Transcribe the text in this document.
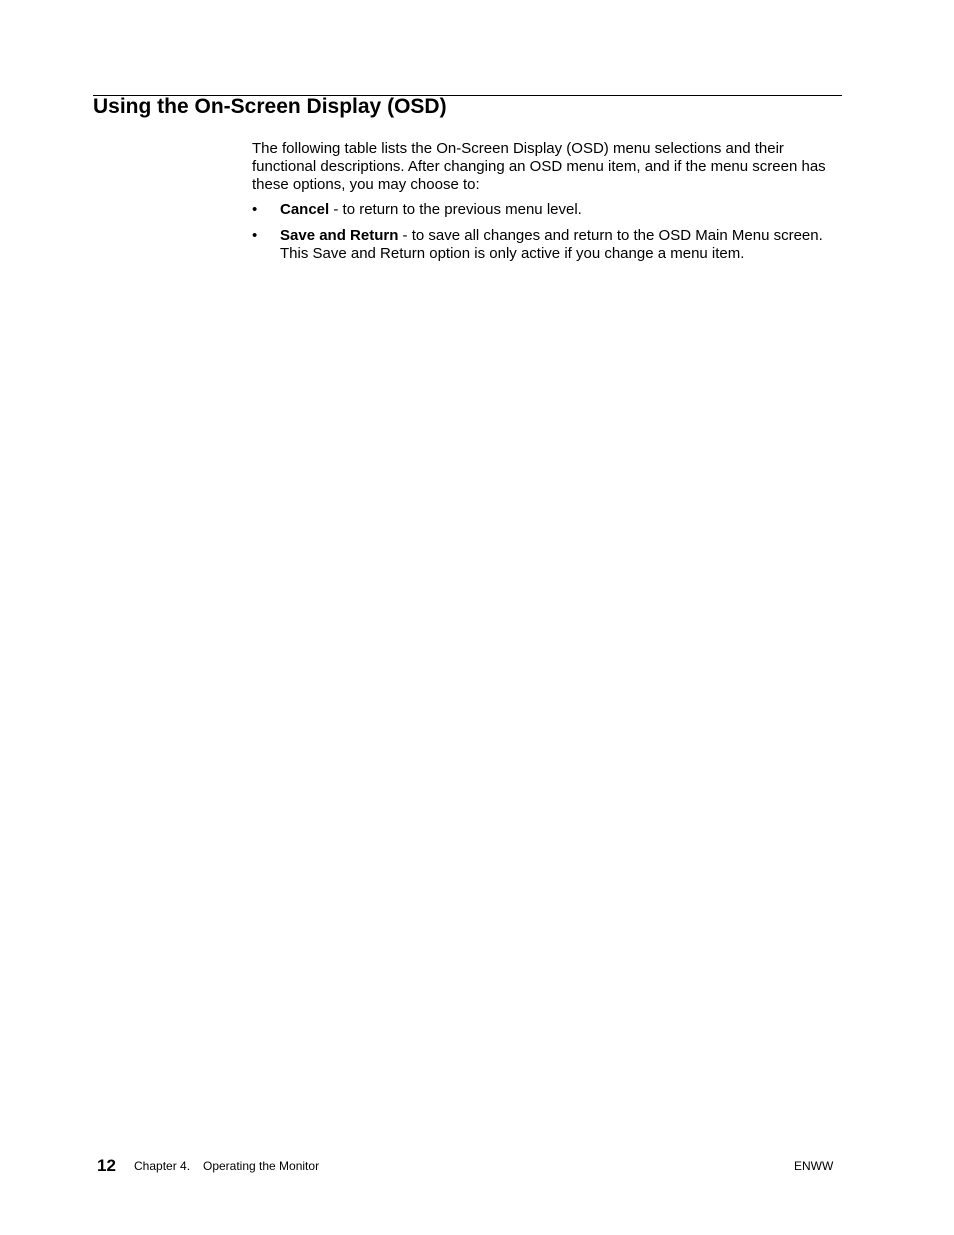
Using the On-Screen Display (OSD)

The following table lists the On-Screen Display (OSD) menu selections and their functional descriptions. After changing an OSD menu item, and if the menu screen has these options, you may choose to:

• Cancel - to return to the previous menu level.
• Save and Return - to save all changes and return to the OSD Main Menu screen. This Save and Return option is only active if you change a menu item.
12 Chapter 4. Operating the Monitor	ENWW
